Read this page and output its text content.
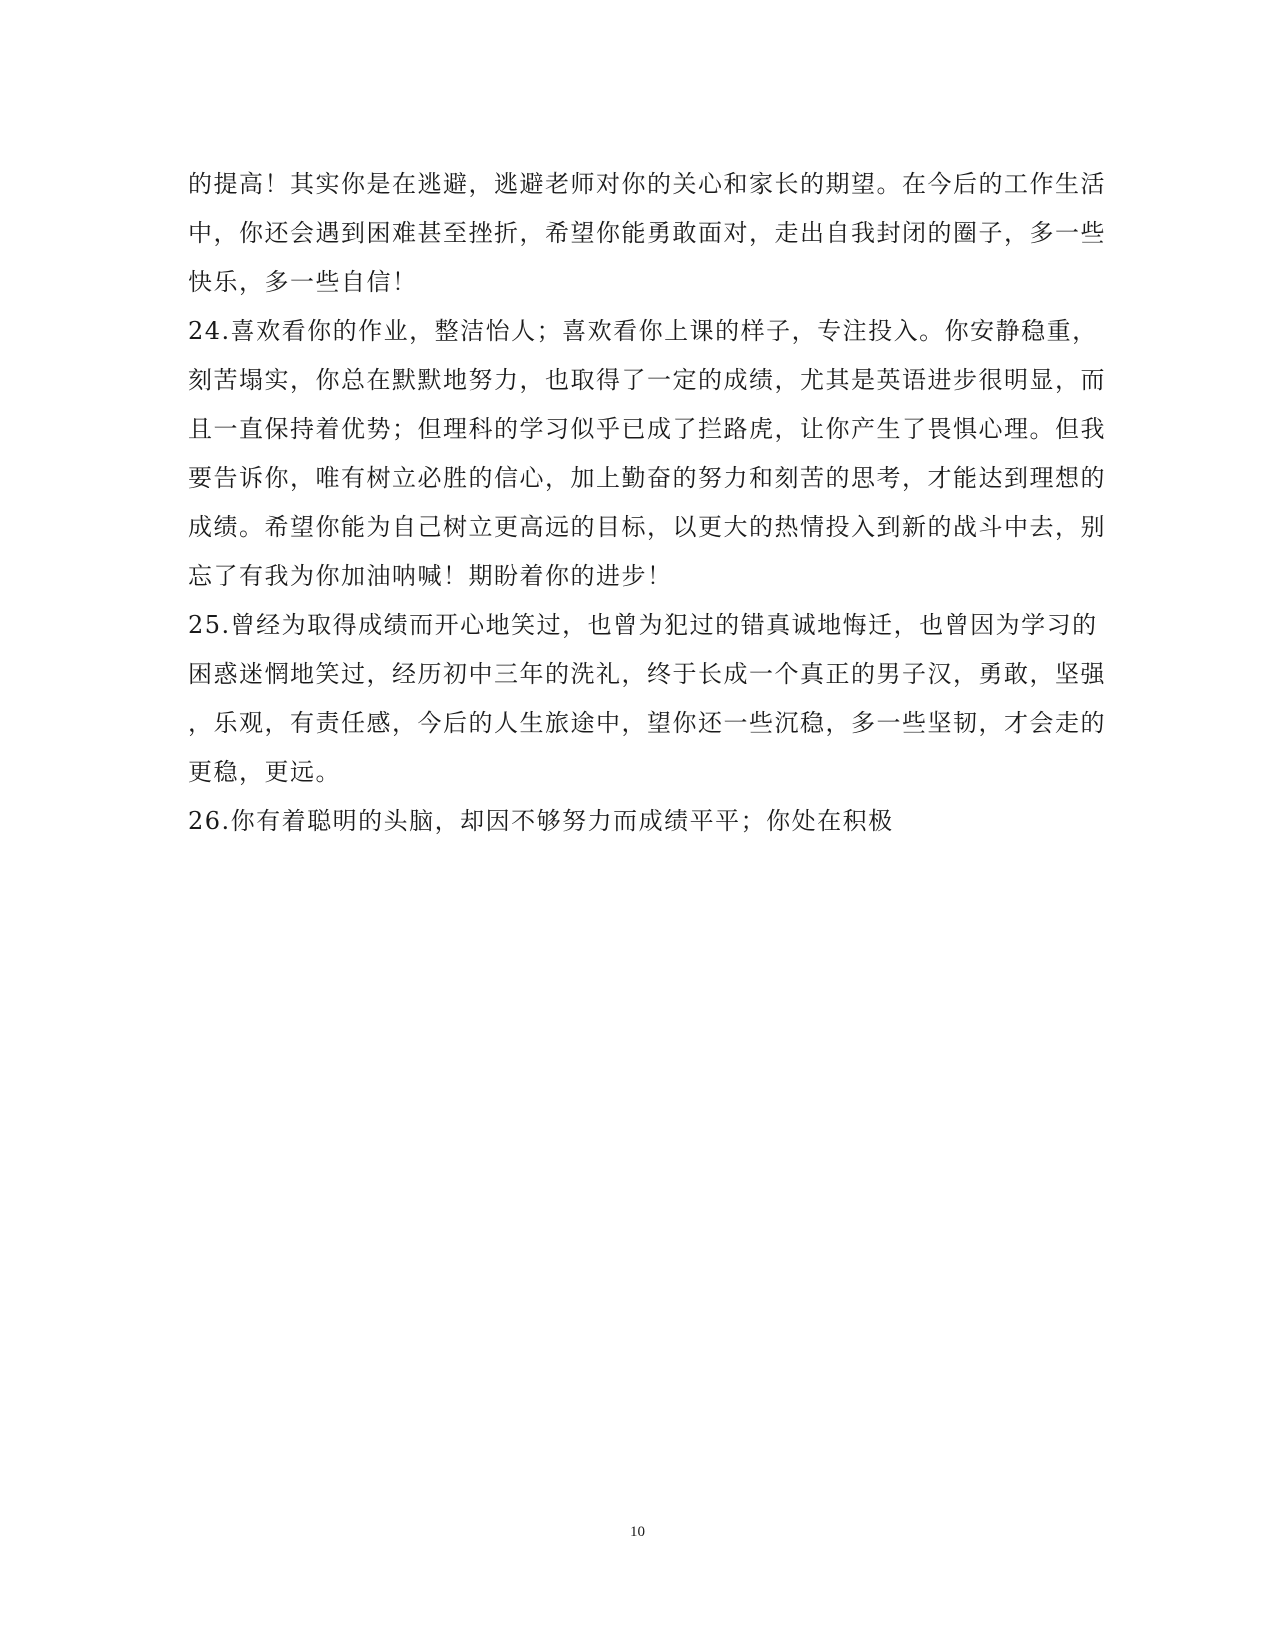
的提高！其实你是在逃避，逃避老师对你的关心和家长的期望。在今后的工作生活
中，你还会遇到困难甚至挫折，希望你能勇敢面对，走出自我封闭的圈子，多一些
快乐，多一些自信！
24.喜欢看你的作业，整洁怡人；喜欢看你上课的样子，专注投入。你安静稳重，
刻苦塌实，你总在默默地努力，也取得了一定的成绩，尤其是英语进步很明显，而
且一直保持着优势；但理科的学习似乎已成了拦路虎，让你产生了畏惧心理。但我
要告诉你，唯有树立必胜的信心，加上勤奋的努力和刻苦的思考，才能达到理想的
成绩。希望你能为自己树立更高远的目标，以更大的热情投入到新的战斗中去，别
忘了有我为你加油呐喊！期盼着你的进步！
25.曾经为取得成绩而开心地笑过，也曾为犯过的错真诚地悔迁，也曾因为学习的
困惑迷惘地笑过，经历初中三年的洗礼，终于长成一个真正的男子汉，勇敢，坚强
，乐观，有责任感，今后的人生旅途中，望你还一些沉稳，多一些坚韧，才会走的
更稳，更远。
26.你有着聪明的头脑，却因不够努力而成绩平平；你处在积极
10
